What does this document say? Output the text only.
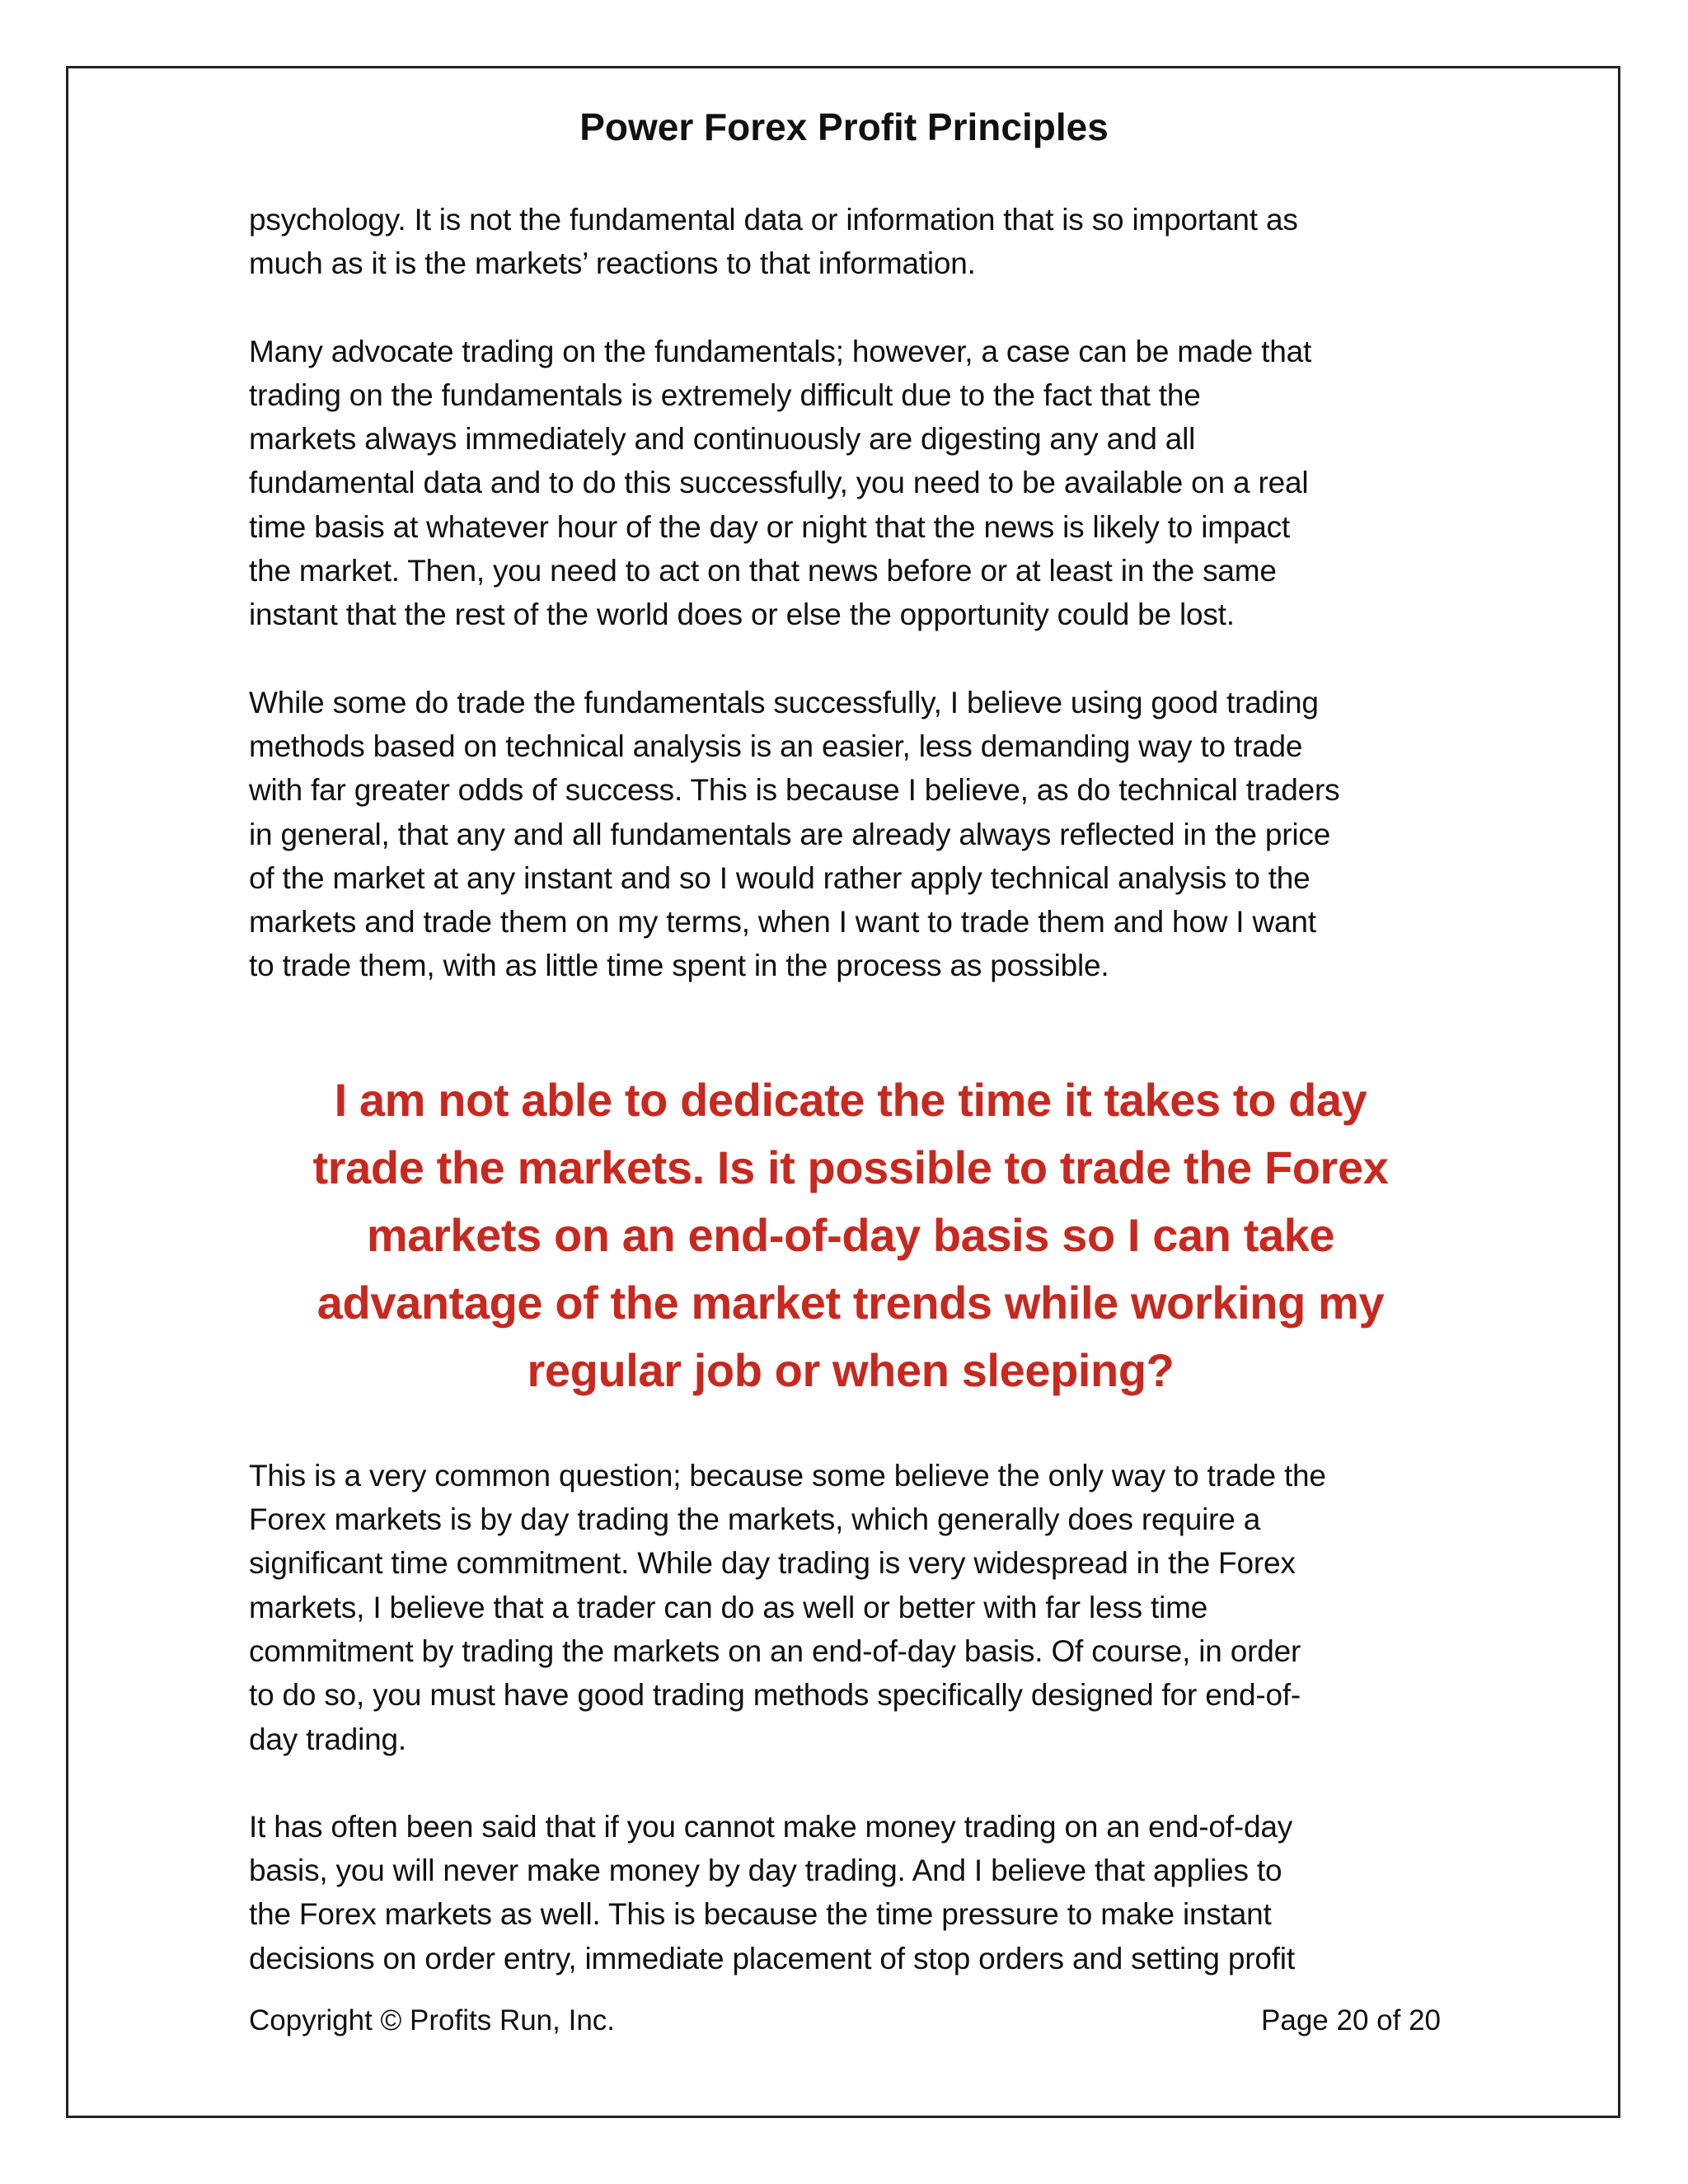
Power Forex Profit Principles

psychology. It is not the fundamental data or information that is so important as
much as it is the markets’ reactions to that information.

Many advocate trading on the fundamentals; however, a case can be made that
trading on the fundamentals is extremely difficult due to the fact that the
markets always immediately and continuously are digesting any and all
fundamental data and to do this successfully, you need to be available on a real
time basis at whatever hour of the day or night that the news is likely to impact
the market. Then, you need to act on that news before or at least in the same
instant that the rest of the world does or else the opportunity could be lost.

While some do trade the fundamentals successfully, I believe using good trading
methods based on technical analysis is an easier, less demanding way to trade
with far greater odds of success. This is because I believe, as do technical traders
in general, that any and all fundamentals are already always reflected in the price
of the market at any instant and so I would rather apply technical analysis to the
markets and trade them on my terms, when I want to trade them and how I want
to trade them, with as little time spent in the process as possible.

I am not able to dedicate the time it takes to day
trade the markets. Is it possible to trade the Forex
markets on an end-of-day basis so I can take
advantage of the market trends while working my
regular job or when sleeping?

This is a very common question; because some believe the only way to trade the
Forex markets is by day trading the markets, which generally does require a
significant time commitment. While day trading is very widespread in the Forex
markets, I believe that a trader can do as well or better with far less time
commitment by trading the markets on an end-of-day basis. Of course, in order
to do so, you must have good trading methods specifically designed for end-of-
day trading.

It has often been said that if you cannot make money trading on an end-of-day
basis, you will never make money by day trading. And I believe that applies to
the Forex markets as well. This is because the time pressure to make instant
decisions on order entry, immediate placement of stop orders and setting profit

Copyright © Profits Run, Inc.	Page 20 of 20
